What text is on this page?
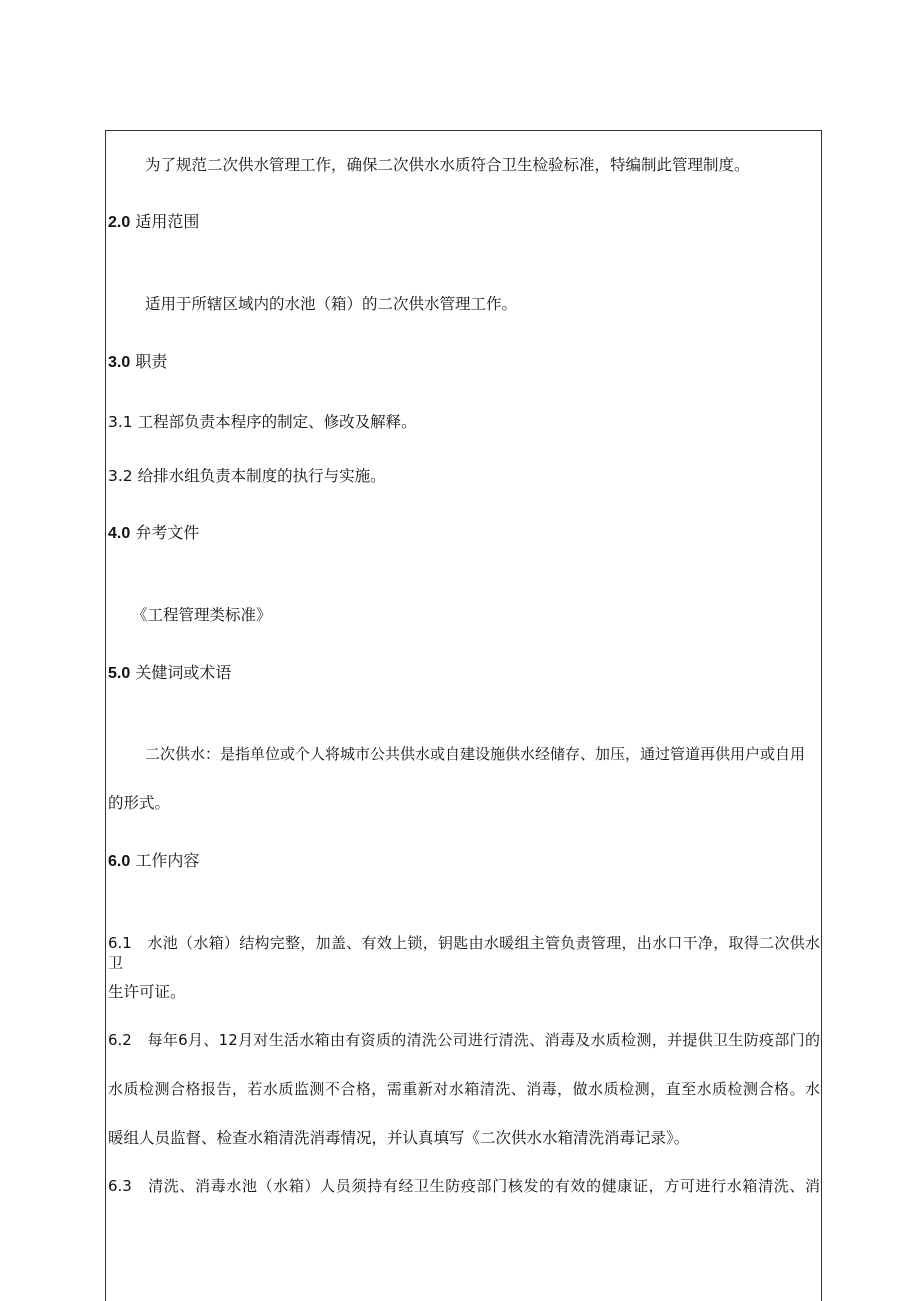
为了规范二次供水管理工作，确保二次供水水质符合卫生检验标准，特编制此管理制度。
2.0 适用范围
适用于所辖区域内的水池（箱）的二次供水管理工作。
3.0 职责
3.1 工程部负责本程序的制定、修改及解释。
3.2 给排水组负责本制度的执行与实施。
4.0 弁考文件
《工程管理类标准》
5.0 关健词或术语
二次供水：是指单位或个人将城市公共供水或自建设施供水经储存、加压，通过管道再供用户或自用
的形式。
6.0 工作内容
6.1　水池（水箱）结构完整，加盖、有效上锁，钥匙由水暖组主管负责管理，出水口干净，取得二次供水卫
生许可证。
6.2　每年6月、12月对生活水箱由有资质的清洗公司进行清洗、消毒及水质检测，并提供卫生防疫部门的
水质检测合格报告，若水质监测不合格，需重新对水箱清洗、消毒，做水质检测，直至水质检测合格。水
暖组人员监督、检查水箱清洗消毒情况，并认真填写《二次供水水箱清洗消毒记录》。
6.3　清洗、消毒水池（水箱）人员须持有经卫生防疫部门核发的有效的健康证，方可进行水箱清洗、消
